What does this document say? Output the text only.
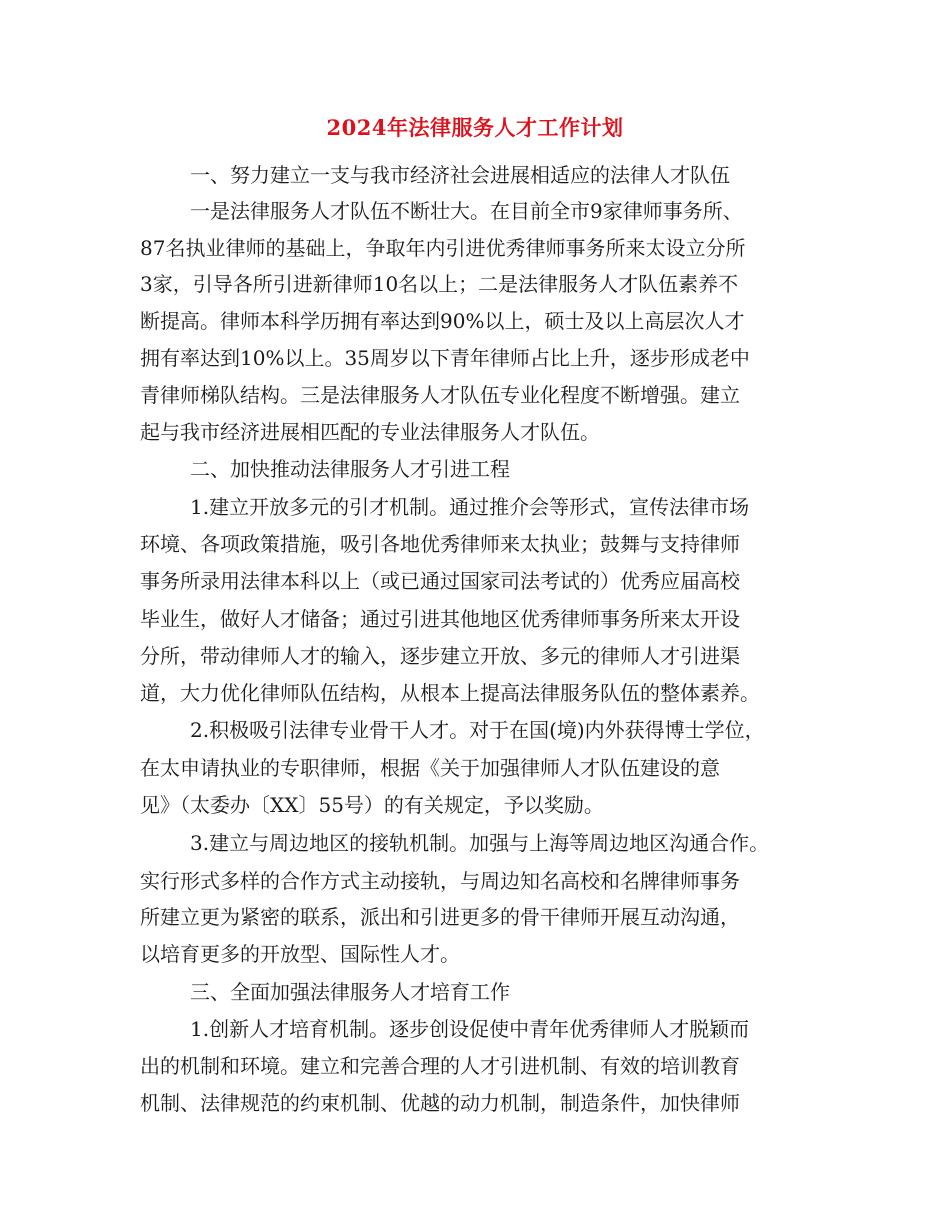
2024年法律服务人才工作计划
一、努力建立一支与我市经济社会进展相适应的法律人才队伍
一是法律服务人才队伍不断壮大。在目前全市9家律师事务所、
87名执业律师的基础上，争取年内引进优秀律师事务所来太设立分所
3家，引导各所引进新律师10名以上；二是法律服务人才队伍素养不
断提高。律师本科学历拥有率达到90%以上，硕士及以上高层次人才
拥有率达到10%以上。35周岁以下青年律师占比上升，逐步形成老中
青律师梯队结构。三是法律服务人才队伍专业化程度不断增强。建立
起与我市经济进展相匹配的专业法律服务人才队伍。
二、加快推动法律服务人才引进工程
1.建立开放多元的引才机制。通过推介会等形式，宣传法律市场
环境、各项政策措施，吸引各地优秀律师来太执业；鼓舞与支持律师
事务所录用法律本科以上（或已通过国家司法考试的）优秀应届高校
毕业生，做好人才储备；通过引进其他地区优秀律师事务所来太开设
分所，带动律师人才的输入，逐步建立开放、多元的律师人才引进渠
道，大力优化律师队伍结构，从根本上提高法律服务队伍的整体素养。
2.积极吸引法律专业骨干人才。对于在国(境)内外获得博士学位，
在太申请执业的专职律师，根据《关于加强律师人才队伍建设的意
见》（太委办〔XX〕55号）的有关规定，予以奖励。
3.建立与周边地区的接轨机制。加强与上海等周边地区沟通合作。
实行形式多样的合作方式主动接轨，与周边知名高校和名牌律师事务
所建立更为紧密的联系，派出和引进更多的骨干律师开展互动沟通，
以培育更多的开放型、国际性人才。
三、全面加强法律服务人才培育工作
1.创新人才培育机制。逐步创设促使中青年优秀律师人才脱颖而
出的机制和环境。建立和完善合理的人才引进机制、有效的培训教育
机制、法律规范的约束机制、优越的动力机制，制造条件，加快律师
